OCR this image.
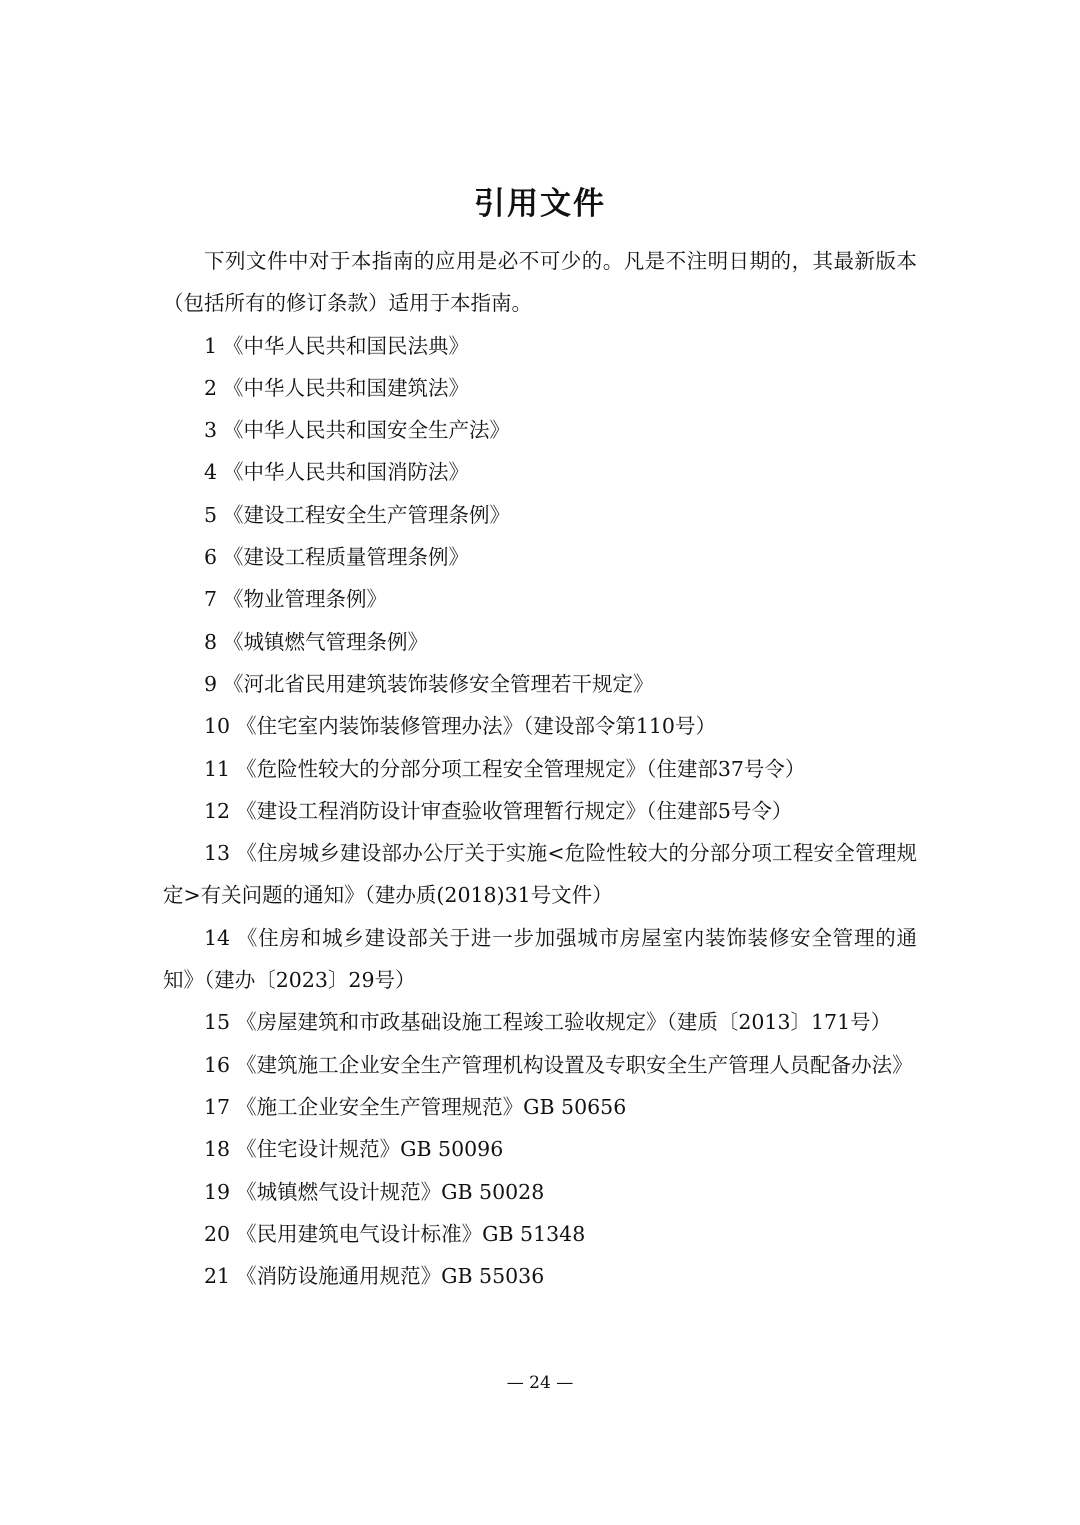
引用文件

下列文件中对于本指南的应用是必不可少的。凡是不注明日期的，其最新版本（包括所有的修订条款）适用于本指南。

1 《中华人民共和国民法典》
2 《中华人民共和国建筑法》
3 《中华人民共和国安全生产法》
4 《中华人民共和国消防法》
5 《建设工程安全生产管理条例》
6 《建设工程质量管理条例》
7 《物业管理条例》
8 《城镇燃气管理条例》
9 《河北省民用建筑装饰装修安全管理若干规定》
10 《住宅室内装饰装修管理办法》（建设部令第110号）
11 《危险性较大的分部分项工程安全管理规定》（住建部37号令）
12 《建设工程消防设计审查验收管理暂行规定》（住建部5号令）
13 《住房城乡建设部办公厅关于实施<危险性较大的分部分项工程安全管理规定>有关问题的通知》（建办质(2018)31号文件）
14 《住房和城乡建设部关于进一步加强城市房屋室内装饰装修安全管理的通知》（建办〔2023〕29号）
15 《房屋建筑和市政基础设施工程竣工验收规定》（建质〔2013〕171号）
16 《建筑施工企业安全生产管理机构设置及专职安全生产管理人员配备办法》
17 《施工企业安全生产管理规范》GB 50656
18 《住宅设计规范》GB 50096
19 《城镇燃气设计规范》GB 50028
20 《民用建筑电气设计标准》GB 51348
21 《消防设施通用规范》GB 55036
— 24 —
